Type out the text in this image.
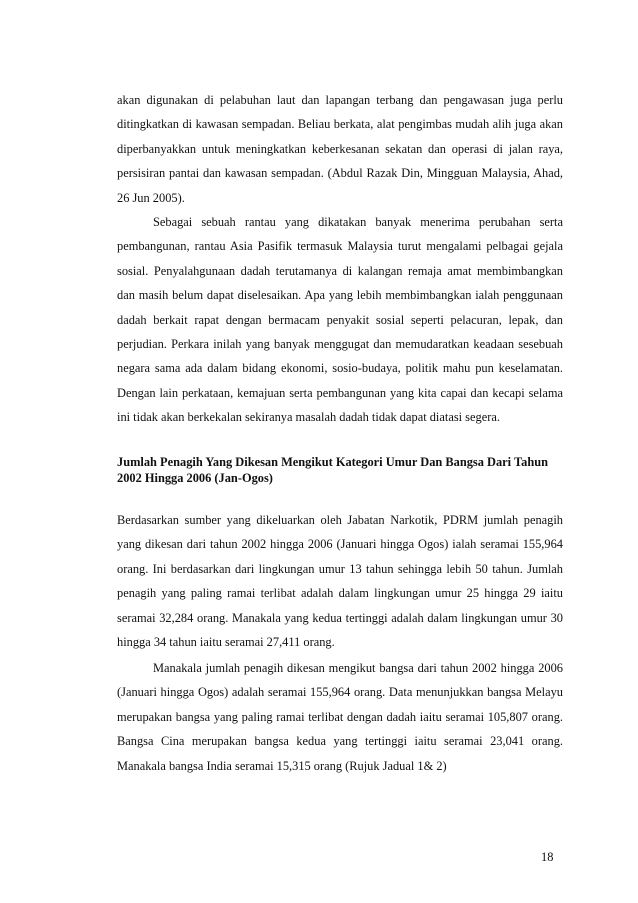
akan digunakan di pelabuhan laut dan lapangan terbang dan pengawasan juga perlu ditingkatkan di kawasan sempadan. Beliau berkata, alat pengimbas mudah alih juga akan diperbanyakkan untuk meningkatkan keberkesanan sekatan dan operasi di jalan raya, persisiran pantai dan kawasan sempadan. (Abdul Razak Din, Mingguan Malaysia, Ahad, 26 Jun 2005).

Sebagai sebuah rantau yang dikatakan banyak menerima perubahan serta pembangunan, rantau Asia Pasifik termasuk Malaysia turut mengalami pelbagai gejala sosial. Penyalahgunaan dadah terutamanya di kalangan remaja amat membimbangkan dan masih belum dapat diselesaikan. Apa yang lebih membimbangkan ialah penggunaan dadah berkait rapat dengan bermacam penyakit sosial seperti pelacuran, lepak, dan perjudian. Perkara inilah yang banyak menggugat dan memudaratkan keadaan sesebuah negara sama ada dalam bidang ekonomi, sosio-budaya, politik mahu pun keselamatan. Dengan lain perkataan, kemajuan serta pembangunan yang kita capai dan kecapi selama ini tidak akan berkekalan sekiranya masalah dadah tidak dapat diatasi segera.

Jumlah Penagih Yang Dikesan Mengikut Kategori Umur Dan Bangsa Dari Tahun 2002 Hingga 2006 (Jan-Ogos)

Berdasarkan sumber yang dikeluarkan oleh Jabatan Narkotik, PDRM jumlah penagih yang dikesan dari tahun 2002 hingga 2006 (Januari hingga Ogos) ialah seramai 155,964 orang. Ini berdasarkan dari lingkungan umur 13 tahun sehingga lebih 50 tahun. Jumlah penagih yang paling ramai terlibat adalah dalam lingkungan umur 25 hingga 29 iaitu seramai 32,284 orang. Manakala yang kedua tertinggi adalah dalam lingkungan umur 30 hingga 34 tahun iaitu seramai 27,411 orang.

Manakala jumlah penagih dikesan mengikut bangsa dari tahun 2002 hingga 2006 (Januari hingga Ogos) adalah seramai 155,964 orang. Data menunjukkan bangsa Melayu merupakan bangsa yang paling ramai terlibat dengan dadah iaitu seramai 105,807 orang. Bangsa Cina merupakan bangsa kedua yang tertinggi iaitu seramai 23,041 orang. Manakala bangsa India seramai 15,315 orang (Rujuk Jadual 1& 2)

18
